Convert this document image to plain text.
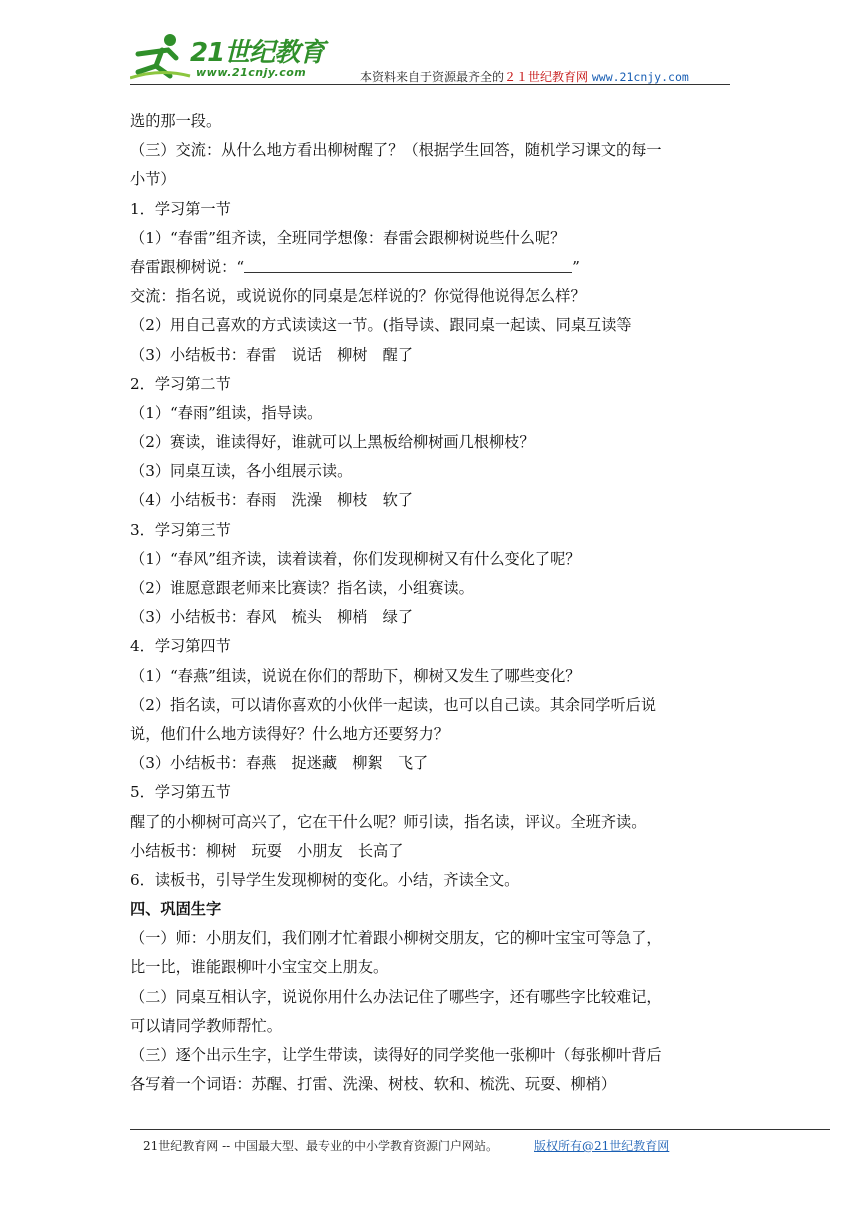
21世纪教育
www.21cnjy.com	本资料来自于资源最齐全的２１世纪教育网 www.21cnjy.com
选的那一段。
（三）交流：从什么地方看出柳树醒了？（根据学生回答，随机学习课文的每一
小节）
1．学习第一节
（1）“春雷”组齐读，全班同学想像：春雷会跟柳树说些什么呢？
春雷跟柳树说：“	”
交流：指名说，或说说你的同桌是怎样说的？你觉得他说得怎么样？
（2）用自己喜欢的方式读读这一节。(指导读、跟同桌一起读、同桌互读等
（3）小结板书：春雷　说话　柳树　醒了
2．学习第二节
（1）“春雨”组读，指导读。
（2）赛读，谁读得好，谁就可以上黑板给柳树画几根柳枝？
（3）同桌互读，各小组展示读。
（4）小结板书：春雨　洗澡　柳枝　软了
3．学习第三节
（1）“春风”组齐读，读着读着，你们发现柳树又有什么变化了呢？
（2）谁愿意跟老师来比赛读？指名读，小组赛读。
（3）小结板书：春风　梳头　柳梢　绿了
4．学习第四节
（1）“春燕”组读，说说在你们的帮助下，柳树又发生了哪些变化？
（2）指名读，可以请你喜欢的小伙伴一起读，也可以自己读。其余同学听后说
说，他们什么地方读得好？什么地方还要努力？
（3）小结板书：春燕　捉迷藏　柳絮　飞了
5．学习第五节
醒了的小柳树可高兴了，它在干什么呢？师引读，指名读，评议。全班齐读。
小结板书：柳树　玩耍　小朋友　长高了
6．读板书，引导学生发现柳树的变化。小结，齐读全文。
四、巩固生字
（一）师：小朋友们，我们刚才忙着跟小柳树交朋友，它的柳叶宝宝可等急了，
比一比，谁能跟柳叶小宝宝交上朋友。
（二）同桌互相认字，说说你用什么办法记住了哪些字，还有哪些字比较难记，
可以请同学教师帮忙。
（三）逐个出示生字，让学生带读，读得好的同学奖他一张柳叶（每张柳叶背后
各写着一个词语：苏醒、打雷、洗澡、树枝、软和、梳洗、玩耍、柳梢）
21世纪教育网 -- 中国最大型、最专业的中小学教育资源门户网站。	版权所有@21世纪教育网
